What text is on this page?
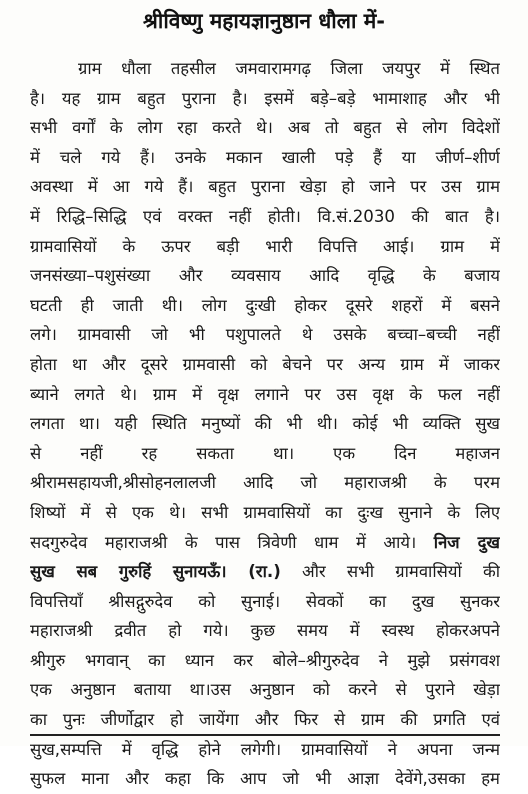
श्रीविष्णु महायज्ञानुष्ठान धौला में-
ग्राम धौला तहसील जमवारामगढ़ जिला जयपुर में स्थित
है। यह ग्राम बहुत पुराना है। इसमें बड़े–बड़े भामाशाह और भी
सभी वर्गों के लोग रहा करते थे। अब तो बहुत से लोग विदेशों
में चले गये हैं। उनके मकान खाली पड़े हैं या जीर्ण–शीर्ण
अवस्था में आ गये हैं। बहुत पुराना खेड़ा हो जाने पर उस ग्राम
में रिद्धि–सिद्धि एवं वरक्त नहीं होती। वि.सं.2030 की बात है।
ग्रामवासियों के ऊपर बड़ी भारी विपत्ति आई। ग्राम में
जनसंख्या–पशुसंख्या और व्यवसाय आदि वृद्धि के बजाय
घटती ही जाती थी। लोग दुःखी होकर दूसरे शहरों में बसने
लगे। ग्रामवासी जो भी पशुपालते थे उसके बच्चा–बच्ची नहीं
होता था और दूसरे ग्रामवासी को बेचने पर अन्य ग्राम में जाकर
ब्याने लगते थे। ग्राम में वृक्ष लगाने पर उस वृक्ष के फल नहीं
लगता था। यही स्थिति मनुष्यों की भी थी। कोई भी व्यक्ति सुख
से नहीं रह सकता था। एक दिन महाजन
श्रीरामसहायजी,श्रीसोहनलालजी आदि जो महाराजश्री के परम
शिष्यों में से एक थे। सभी ग्रामवासियों का दुःख सुनाने के लिए
सदगुरुदेव महाराजश्री के पास त्रिवेणी धाम में आये। निज दुख
सुख सब गुरुहिं सुनायऊँ। (रा.) और सभी ग्रामवासियों की
विपत्तियाँ श्रीसद्गुरुदेव को सुनाई। सेवकों का दुख सुनकर
महाराजश्री द्रवीत हो गये। कुछ समय में स्वस्थ होकरअपने
श्रीगुरु भगवान् का ध्यान कर बोले–श्रीगुरुदेव ने मुझे प्रसंगवश
एक अनुष्ठान बताया था।उस अनुष्ठान को करने से पुराने खेड़ा
का पुनः जीर्णोद्वार हो जायेंगा और फिर से ग्राम की प्रगति एवं
सुख,सम्पत्ति में वृद्धि होने लगेगी। ग्रामवासियों ने अपना जन्म
सुफल माना और कहा कि आप जो भी आज्ञा देवेंगे,उसका हम
